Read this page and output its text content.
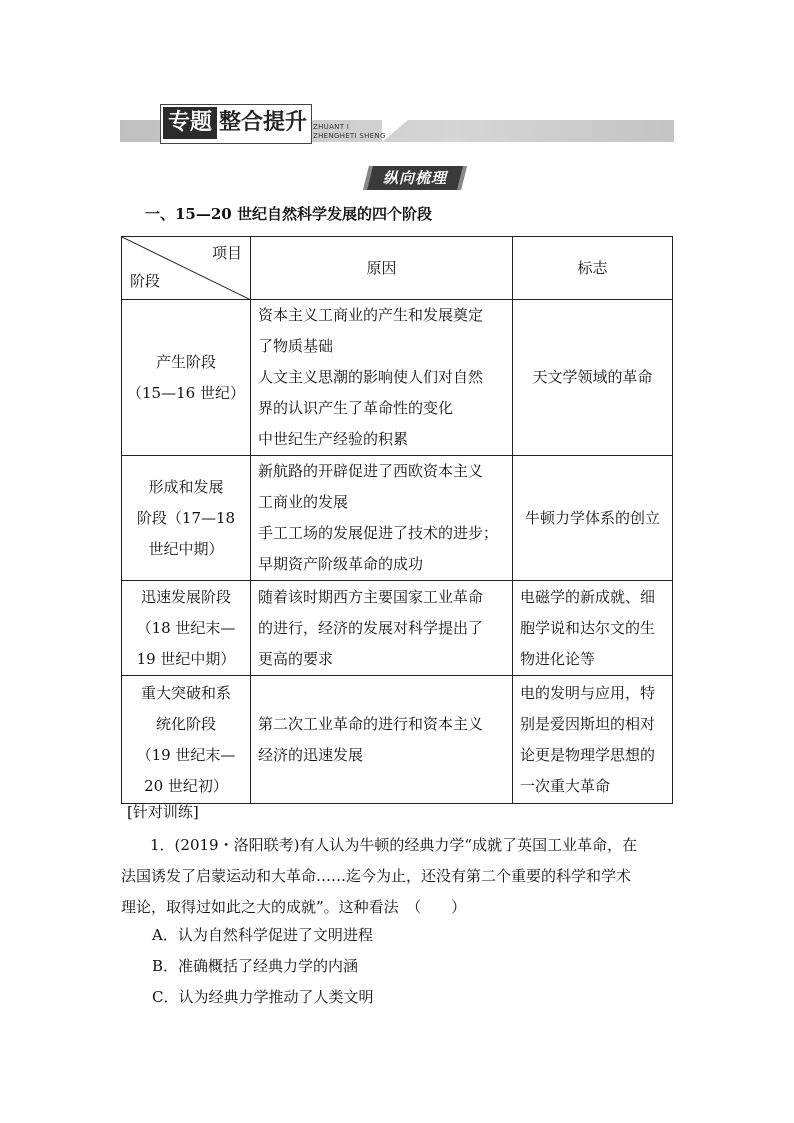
专题 整合提升 ZHUANT I
ZHENGHETI SHENG
纵向梳理
一、15—20 世纪自然科学发展的四个阶段
项目
阶段	原因	标志

产生阶段
（15—16 世纪）	资本主义工商业的产生和发展奠定
了物质基础
人文主义思潮的影响使人们对自然
界的认识产生了革命性的变化
中世纪生产经验的积累	天文学领域的革命

形成和发展
阶段（17—18
世纪中期）	新航路的开辟促进了西欧资本主义
工商业的发展
手工工场的发展促进了技术的进步；
早期资产阶级革命的成功	牛顿力学体系的创立

迅速发展阶段
（18 世纪末—
19 世纪中期）	随着该时期西方主要国家工业革命
的进行，经济的发展对科学提出了
更高的要求	电磁学的新成就、细
胞学说和达尔文的生
物进化论等

重大突破和系
统化阶段
（19 世纪末—
20 世纪初）	第二次工业革命的进行和资本主义
经济的迅速发展	电的发明与应用，特
别是爱因斯坦的相对
论更是物理学思想的
一次重大革命
[针对训练]
1．(2019・洛阳联考)有人认为牛顿的经典力学“成就了英国工业革命，在
法国诱发了启蒙运动和大革命……迄今为止，还没有第二个重要的科学和学术
理论，取得过如此之大的成就”。这种看法　（　　）
A．认为自然科学促进了文明进程
B．准确概括了经典力学的内涵
C．认为经典力学推动了人类文明
